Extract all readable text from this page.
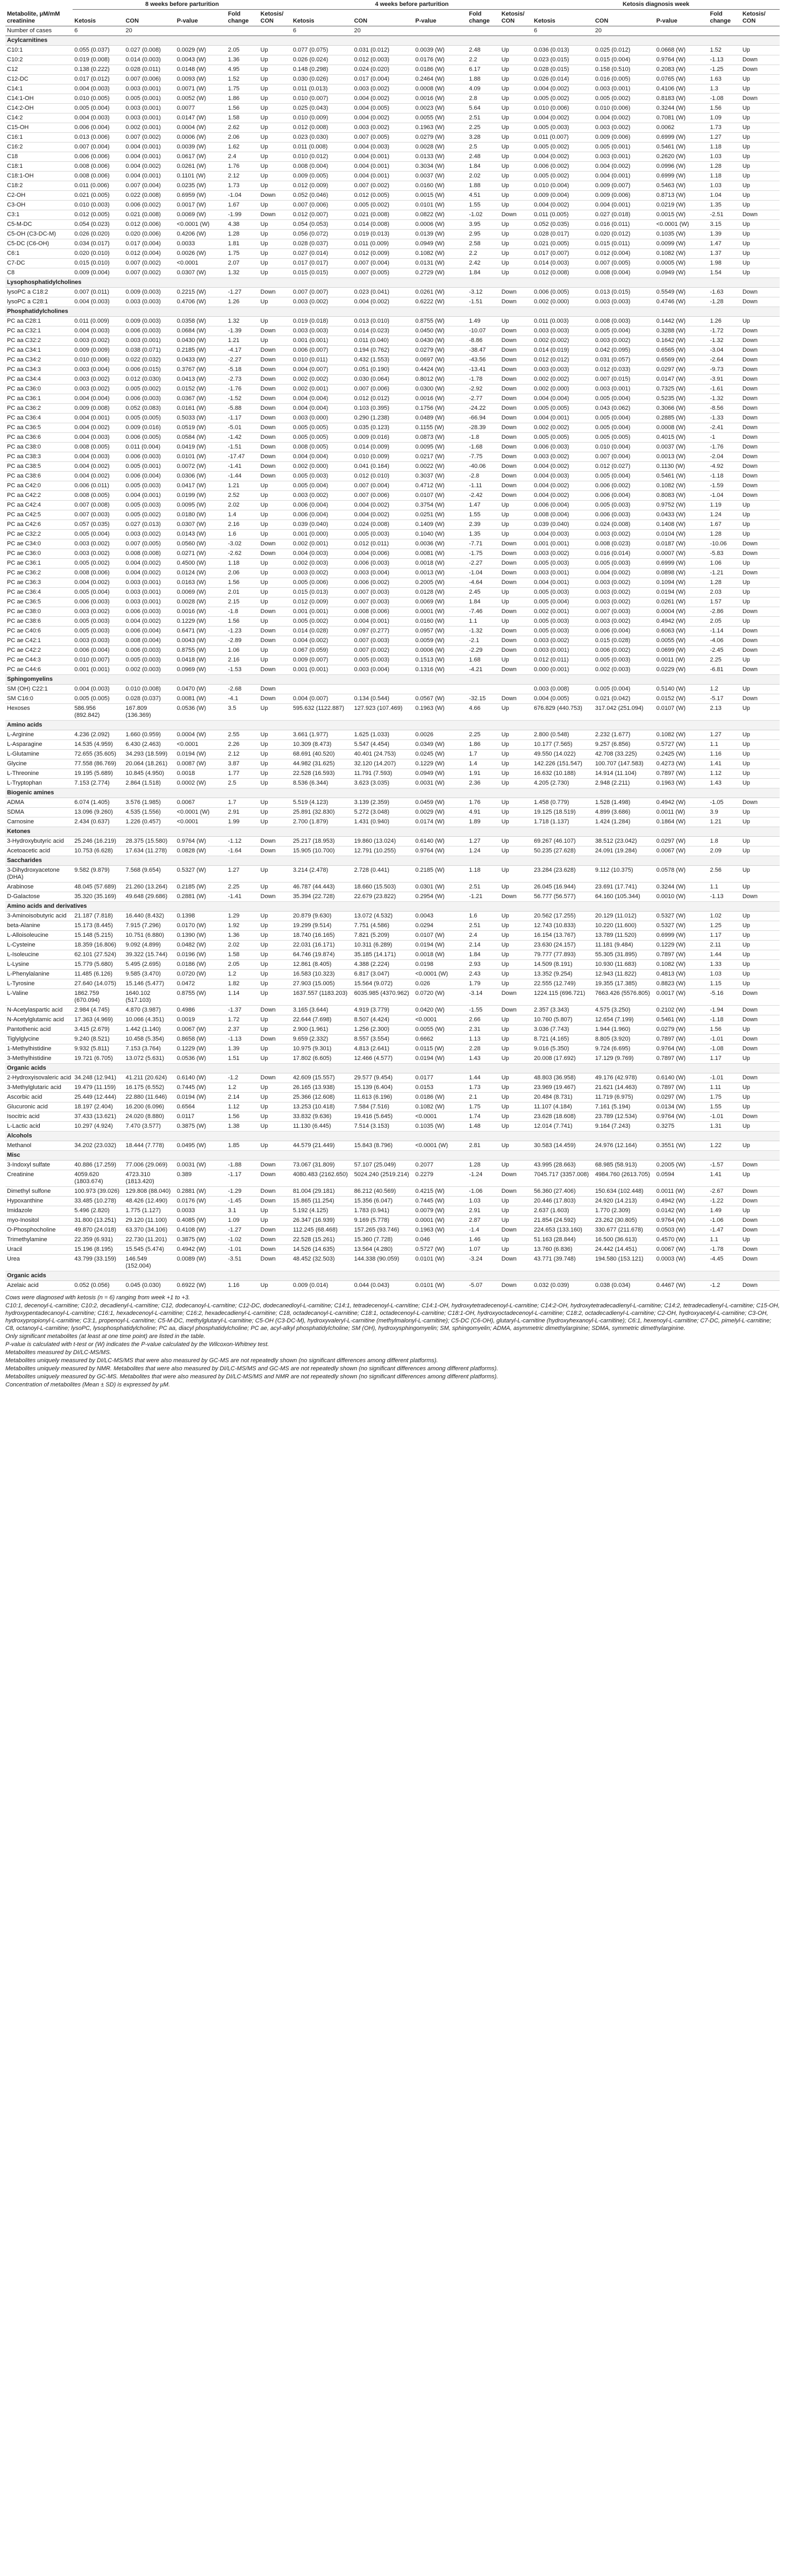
Metabolite, μM/mM creatinine	8 weeks before parturition					4 weeks before parturition					Ketosis diagnosis week				
	Ketosis	CON	P-value	Fold change	Ketosis/ CON	Ketosis	CON	P-value	Fold change	Ketosis/ CON	Ketosis	CON	P-value	Fold change	Ketosis/ CON
Number of cases	6	20				6	20				6	20			
Acylcarnitines															
C10:1	0.055 (0.037)	0.027 (0.008)	0.0029 (W)	2.05	Up	0.077 (0.075)	0.031 (0.012)	0.0039 (W)	2.48	Up	0.036 (0.013)	0.025 (0.012)	0.0668 (W)	1.52	Up
C10:2	0.019 (0.008)	0.014 (0.003)	0.0043 (W)	1.36	Up	0.026 (0.024)	0.012 (0.003)	0.0176 (W)	2.2	Up	0.023 (0.015)	0.015 (0.004)	0.9764 (W)	-1.13	Down
C12	0.138 (0.222)	0.028 (0.011)	0.0148 (W)	4.95	Up	0.148 (0.298)	0.024 (0.020)	0.0186 (W)	6.17	Up	0.028 (0.015)	0.158 (0.510)	0.2083 (W)	-1.25	Down
C12-DC	0.017 (0.012)	0.007 (0.006)	0.0093 (W)	1.52	Up	0.030 (0.026)	0.017 (0.004)	0.2464 (W)	1.88	Up	0.026 (0.014)	0.016 (0.005)	0.0765 (W)	1.63	Up
C14:1	0.004 (0.003)	0.003 (0.001)	0.0071 (W)	1.75	Up	0.011 (0.013)	0.003 (0.002)	0.0008 (W)	4.09	Up	0.004 (0.002)	0.003 (0.001)	0.4106 (W)	1.3	Up
C14:1-OH	0.010 (0.005)	0.005 (0.001)	0.0052 (W)	1.86	Up	0.010 (0.007)	0.004 (0.002)	0.0016 (W)	2.8	Up	0.005 (0.002)	0.005 (0.002)	0.8183 (W)	-1.08	Down
C14:2-OH	0.005 (0.004)	0.003 (0.001)	0.0077	1.56	Up	0.025 (0.043)	0.004 (0.005)	0.0023 (W)	5.64	Up	0.010 (0.006)	0.010 (0.006)	0.3244 (W)	1.56	Up
C14:2	0.004 (0.003)	0.003 (0.001)	0.0147 (W)	1.58	Up	0.010 (0.009)	0.004 (0.002)	0.0055 (W)	2.51	Up	0.004 (0.002)	0.004 (0.002)	0.7081 (W)	1.09	Up
C15-OH	0.006 (0.004)	0.002 (0.001)	0.0004 (W)	2.62	Up	0.012 (0.008)	0.003 (0.002)	0.1963 (W)	2.25	Up	0.005 (0.003)	0.003 (0.002)	0.0062	1.73	Up
C16:1	0.013 (0.006)	0.007 (0.002)	0.0006 (W)	2.06	Up	0.023 (0.030)	0.007 (0.005)	0.0279 (W)	3.28	Up	0.011 (0.007)	0.009 (0.006)	0.6999 (W)	1.27	Up
C16:2	0.007 (0.004)	0.004 (0.001)	0.0039 (W)	1.62	Up	0.011 (0.008)	0.004 (0.003)	0.0028 (W)	2.5	Up	0.005 (0.002)	0.005 (0.001)	0.5461 (W)	1.18	Up
C18	0.006 (0.006)	0.004 (0.001)	0.0617 (W)	2.4	Up	0.010 (0.012)	0.004 (0.001)	0.0133 (W)	2.48	Up	0.004 (0.002)	0.003 (0.001)	0.2620 (W)	1.03	Up
C18:1	0.008 (0.006)	0.004 (0.002)	0.0261 (W)	1.76	Up	0.008 (0.004)	0.004 (0.001)	0.3034 (W)	1.84	Up	0.006 (0.002)	0.004 (0.002)	0.0996 (W)	1.28	Up
C18:1-OH	0.008 (0.006)	0.004 (0.001)	0.1101 (W)	2.12	Up	0.009 (0.005)	0.004 (0.001)	0.0037 (W)	2.02	Up	0.005 (0.002)	0.004 (0.001)	0.6999 (W)	1.18	Up
C18:2	0.011 (0.006)	0.007 (0.004)	0.0235 (W)	1.73	Up	0.012 (0.009)	0.007 (0.002)	0.0160 (W)	1.88	Up	0.010 (0.004)	0.009 (0.007)	0.5463 (W)	1.03	Up
C2-OH	0.021 (0.005)	0.022 (0.008)	0.6959 (W)	-1.04	Down	0.052 (0.046)	0.012 (0.005)	0.0015 (W)	4.51	Up	0.009 (0.004)	0.009 (0.006)	0.8713 (W)	1.04	Up
C3-OH	0.010 (0.003)	0.006 (0.002)	0.0017 (W)	1.67	Up	0.007 (0.006)	0.005 (0.002)	0.0101 (W)	1.55	Up	0.004 (0.002)	0.004 (0.001)	0.0219 (W)	1.35	Up
C3:1	0.012 (0.005)	0.021 (0.008)	0.0069 (W)	-1.99	Down	0.012 (0.007)	0.021 (0.008)	0.0822 (W)	-1.02	Down	0.011 (0.005)	0.027 (0.018)	0.0015 (W)	-2.51	Down
C5-M-DC	0.054 (0.023)	0.012 (0.006)	<0.0001 (W)	4.38	Up	0.054 (0.053)	0.014 (0.008)	0.0006 (W)	3.95	Up	0.052 (0.035)	0.016 (0.011)	<0.0001 (W)	3.15	Up
C5-OH (C3-DC-M)	0.026 (0.020)	0.020 (0.006)	0.4206 (W)	1.28	Up	0.056 (0.072)	0.019 (0.013)	0.0139 (W)	2.95	Up	0.028 (0.017)	0.020 (0.012)	0.1035 (W)	1.39	Up
C5-DC (C6-OH)	0.034 (0.017)	0.017 (0.004)	0.0033	1.81	Up	0.028 (0.037)	0.011 (0.009)	0.0949 (W)	2.58	Up	0.021 (0.005)	0.015 (0.011)	0.0099 (W)	1.47	Up
C6:1	0.020 (0.010)	0.012 (0.004)	0.0026 (W)	1.75	Up	0.027 (0.014)	0.012 (0.009)	0.1082 (W)	2.2	Up	0.017 (0.007)	0.012 (0.004)	0.1082 (W)	1.37	Up
C7-DC	0.015 (0.010)	0.007 (0.002)	<0.0001	2.07	Up	0.017 (0.017)	0.007 (0.004)	0.0131 (W)	2.42	Up	0.014 (0.003)	0.007 (0.005)	0.0005 (W)	1.98	Up
C8	0.009 (0.004)	0.007 (0.002)	0.0307 (W)	1.32	Up	0.015 (0.015)	0.007 (0.005)	0.2729 (W)	1.84	Up	0.012 (0.008)	0.008 (0.004)	0.0949 (W)	1.54	Up
Lysophosphatidylcholines															
lysoPC a C18:2	0.007 (0.011)	0.009 (0.003)	0.2215 (W)	-1.27	Down	0.007 (0.007)	0.023 (0.041)	0.0261 (W)	-3.12	Down	0.006 (0.005)	0.013 (0.015)	0.5549 (W)	-1.63	Down
lysoPC a C28:1	0.004 (0.003)	0.003 (0.003)	0.4706 (W)	1.26	Up	0.003 (0.002)	0.004 (0.002)	0.6222 (W)	-1.51	Down	0.002 (0.000)	0.003 (0.003)	0.4746 (W)	-1.28	Down
Phosphatidylcholines															
PC aa C28:1	0.011 (0.009)	0.009 (0.003)	0.0358 (W)	1.32	Up	0.019 (0.018)	0.013 (0.010)	0.8755 (W)	1.49	Up	0.011 (0.003)	0.008 (0.003)	0.1442 (W)	1.26	Up
PC aa C32:1	0.004 (0.003)	0.006 (0.003)	0.0684 (W)	-1.39	Down	0.003 (0.003)	0.014 (0.023)	0.0450 (W)	-10.07	Down	0.003 (0.003)	0.005 (0.004)	0.3288 (W)	-1.72	Down
PC aa C32:2	0.003 (0.002)	0.003 (0.001)	0.0430 (W)	1.21	Up	0.001 (0.001)	0.011 (0.040)	0.0430 (W)	-8.86	Down	0.002 (0.002)	0.003 (0.002)	0.1642 (W)	-1.32	Down
PC aa C34:1	0.009 (0.009)	0.038 (0.071)	0.2185 (W)	-4.17	Down	0.006 (0.007)	0.194 (0.762)	0.0279 (W)	-38.47	Down	0.014 (0.019)	0.042 (0.095)	0.6565 (W)	-3.04	Down
PC aa C34:2	0.010 (0.006)	0.022 (0.032)	0.0433 (W)	-2.27	Down	0.010 (0.011)	0.432 (1.553)	0.0697 (W)	-43.56	Down	0.012 (0.012)	0.031 (0.057)	0.6569 (W)	-2.64	Down
PC aa C34:3	0.003 (0.004)	0.006 (0.015)	0.3767 (W)	-5.18	Down	0.004 (0.007)	0.051 (0.190)	0.4424 (W)	-13.41	Down	0.003 (0.003)	0.012 (0.033)	0.0297 (W)	-9.73	Down
PC aa C34:4	0.003 (0.002)	0.012 (0.030)	0.0413 (W)	-2.73	Down	0.002 (0.002)	0.030 (0.064)	0.8012 (W)	-1.78	Down	0.002 (0.002)	0.007 (0.015)	0.0147 (W)	-3.91	Down
PC aa C36:0	0.003 (0.002)	0.005 (0.002)	0.0152 (W)	-1.76	Down	0.002 (0.001)	0.007 (0.006)	0.0300 (W)	-2.92	Down	0.002 (0.000)	0.003 (0.001)	0.7325 (W)	-1.61	Down
PC aa C36:1	0.004 (0.004)	0.006 (0.003)	0.0367 (W)	-1.52	Down	0.004 (0.004)	0.012 (0.012)	0.0016 (W)	-2.77	Down	0.004 (0.004)	0.005 (0.004)	0.5235 (W)	-1.32	Down
PC aa C36:2	0.009 (0.008)	0.052 (0.083)	0.0161 (W)	-5.88	Down	0.004 (0.004)	0.103 (0.395)	0.1756 (W)	-24.22	Down	0.005 (0.005)	0.043 (0.062)	0.3066 (W)	-8.56	Down
PC aa C36:4	0.004 (0.001)	0.005 (0.005)	0.5033 (W)	-1.17	Down	0.003 (0.000)	0.290 (1.238)	0.0489 (W)	-66.94	Down	0.004 (0.001)	0.005 (0.004)	0.2885 (W)	-1.33	Down
PC aa C36:5	0.004 (0.002)	0.009 (0.016)	0.0519 (W)	-5.01	Down	0.005 (0.005)	0.035 (0.123)	0.1155 (W)	-28.39	Down	0.002 (0.002)	0.005 (0.004)	0.0008 (W)	-2.41	Down
PC aa C36:6	0.004 (0.003)	0.006 (0.005)	0.0584 (W)	-1.42	Down	0.005 (0.005)	0.009 (0.016)	0.0873 (W)	-1.8	Down	0.005 (0.005)	0.005 (0.005)	0.4015 (W)	-1	Down
PC aa C38:0	0.008 (0.005)	0.011 (0.004)	0.0419 (W)	-1.51	Down	0.008 (0.005)	0.014 (0.009)	0.0095 (W)	-1.68	Down	0.006 (0.003)	0.010 (0.004)	0.0037 (W)	-1.76	Down
PC aa C38:3	0.004 (0.003)	0.006 (0.003)	0.0101 (W)	-17.47	Down	0.004 (0.004)	0.010 (0.009)	0.0217 (W)	-7.75	Down	0.003 (0.002)	0.007 (0.004)	0.0013 (W)	-2.04	Down
PC aa C38:5	0.004 (0.002)	0.005 (0.001)	0.0072 (W)	-1.41	Down	0.002 (0.000)	0.041 (0.164)	0.0022 (W)	-40.06	Down	0.004 (0.002)	0.012 (0.027)	0.1130 (W)	-4.92	Down
PC aa C38:6	0.004 (0.002)	0.006 (0.004)	0.0306 (W)	-1.44	Down	0.005 (0.003)	0.012 (0.010)	0.3037 (W)	-2.8	Down	0.004 (0.003)	0.005 (0.004)	0.5461 (W)	-1.18	Down
PC aa C42:0	0.006 (0.011)	0.005 (0.003)	0.0417 (W)	1.21	Up	0.005 (0.004)	0.007 (0.004)	0.4712 (W)	-1.11	Down	0.004 (0.002)	0.006 (0.002)	0.1082 (W)	-1.59	Down
PC aa C42:2	0.008 (0.005)	0.004 (0.001)	0.0199 (W)	2.52	Up	0.003 (0.002)	0.007 (0.006)	0.0107 (W)	-2.42	Down	0.004 (0.002)	0.006 (0.004)	0.8083 (W)	-1.04	Down
PC aa C42:4	0.007 (0.008)	0.005 (0.003)	0.0095 (W)	2.02	Up	0.006 (0.004)	0.004 (0.002)	0.3754 (W)	1.47	Up	0.006 (0.004)	0.005 (0.003)	0.9752 (W)	1.19	Up
PC aa C42:5	0.007 (0.003)	0.005 (0.002)	0.0180 (W)	1.4	Up	0.006 (0.004)	0.004 (0.002)	0.0251 (W)	1.55	Up	0.008 (0.004)	0.006 (0.003)	0.0433 (W)	1.24	Up
PC aa C42:6	0.057 (0.035)	0.027 (0.013)	0.0307 (W)	2.16	Up	0.039 (0.040)	0.024 (0.008)	0.1409 (W)	2.39	Up	0.039 (0.040)	0.024 (0.008)	0.1408 (W)	1.67	Up
PC ae C32:2	0.005 (0.004)	0.003 (0.002)	0.0143 (W)	1.6	Up	0.001 (0.000)	0.005 (0.003)	0.1040 (W)	1.35	Up	0.004 (0.003)	0.003 (0.002)	0.0104 (W)	1.28	Up
PC ae C34:0	0.003 (0.002)	0.007 (0.005)	0.0560 (W)	-3.02	Down	0.002 (0.001)	0.012 (0.011)	0.0036 (W)	-7.71	Down	0.001 (0.001)	0.008 (0.023)	0.0187 (W)	-10.06	Down
PC ae C36:0	0.003 (0.002)	0.008 (0.008)	0.0271 (W)	-2.62	Down	0.004 (0.003)	0.004 (0.006)	0.0081 (W)	-1.75	Down	0.003 (0.002)	0.016 (0.014)	0.0007 (W)	-5.83	Down
PC ae C36:1	0.005 (0.002)	0.004 (0.002)	0.4500 (W)	1.18	Up	0.002 (0.003)	0.006 (0.003)	0.0018 (W)	-2.27	Down	0.005 (0.003)	0.005 (0.003)	0.6999 (W)	1.06	Up
PC ae C36:2	0.008 (0.006)	0.004 (0.002)	0.0124 (W)	2.06	Up	0.003 (0.002)	0.003 (0.004)	0.0013 (W)	-1.04	Down	0.003 (0.001)	0.004 (0.002)	0.0898 (W)	-1.21	Down
PC ae C36:3	0.004 (0.002)	0.003 (0.001)	0.0163 (W)	1.56	Up	0.005 (0.006)	0.006 (0.002)	0.2005 (W)	-4.64	Down	0.004 (0.001)	0.003 (0.002)	0.1094 (W)	1.28	Up
PC ae C36:4	0.005 (0.004)	0.003 (0.001)	0.0069 (W)	2.01	Up	0.015 (0.013)	0.007 (0.003)	0.0128 (W)	2.45	Up	0.005 (0.003)	0.003 (0.002)	0.0194 (W)	2.03	Up
PC ae C36:5	0.006 (0.003)	0.003 (0.001)	0.0028 (W)	2.15	Up	0.012 (0.009)	0.007 (0.003)	0.0069 (W)	1.84	Up	0.005 (0.004)	0.003 (0.002)	0.0261 (W)	1.57	Up
PC ae C38:0	0.003 (0.002)	0.006 (0.003)	0.0016 (W)	-1.8	Down	0.001 (0.001)	0.008 (0.006)	0.0001 (W)	-7.46	Down	0.002 (0.001)	0.007 (0.003)	0.0004 (W)	-2.86	Down
PC ae C38:6	0.005 (0.003)	0.004 (0.002)	0.1229 (W)	1.56	Up	0.005 (0.002)	0.004 (0.001)	0.0160 (W)	1.1	Up	0.005 (0.003)	0.003 (0.002)	0.4942 (W)	2.05	Up
PC ae C40:6	0.005 (0.003)	0.006 (0.004)	0.6471 (W)	-1.23	Down	0.014 (0.028)	0.097 (0.277)	0.0957 (W)	-1.32	Down	0.005 (0.003)	0.006 (0.004)	0.6063 (W)	-1.14	Down
PC ae C42:1	0.003 (0.003)	0.008 (0.004)	0.0043 (W)	-2.89	Down	0.004 (0.002)	0.007 (0.003)	0.0059 (W)	-2.1	Down	0.003 (0.002)	0.015 (0.028)	0.0055 (W)	-4.06	Down
PC ae C42:2	0.006 (0.004)	0.006 (0.003)	0.8755 (W)	1.06	Up	0.067 (0.059)	0.007 (0.002)	0.0006 (W)	-2.29	Down	0.003 (0.001)	0.006 (0.002)	0.0699 (W)	-2.45	Down
PC ae C44:3	0.010 (0.007)	0.005 (0.003)	0.0418 (W)	2.16	Up	0.009 (0.007)	0.005 (0.003)	0.1513 (W)	1.68	Up	0.012 (0.011)	0.005 (0.003)	0.0011 (W)	2.25	Up
PC ae C44:6	0.001 (0.001)	0.002 (0.003)	0.0969 (W)	-1.53	Down	0.001 (0.001)	0.003 (0.004)	0.1316 (W)	-4.21	Down	0.000 (0.001)	0.002 (0.003)	0.0229 (W)	-6.81	Down
Sphingomyelins															
SM (OH) C22:1	0.004 (0.003)	0.010 (0.008)	0.0470 (W)	-2.68	Down						0.003 (0.008)	0.005 (0.004)	0.5140 (W)	1.2	Up
SM C16:0	0.005 (0.005)	0.028 (0.037)	0.0081 (W)	-4.1	Down	0.004 (0.007)	0.134 (0.544)	0.0567 (W)	-32.15	Down	0.004 (0.005)	0.021 (0.042)	0.0152 (W)	-5.17	Down
Hexoses	586.956 (892.842)	167.809 (136.369)	0.0536 (W)	3.5	Up	595.632 (1122.887)	127.923 (107.469)	0.1963 (W)	4.66	Up	676.829 (440.753)	317.042 (251.094)	0.0107 (W)	2.13	Up
Amino acids															
L-Arginine	4.236 (2.092)	1.660 (0.959)	0.0004 (W)	2.55	Up	3.661 (1.977)	1.625 (1.033)	0.0026	2.25	Up	2.800 (0.548)	2.232 (1.677)	0.1082 (W)	1.27	Up
L-Asparagine	14.535 (4.959)	6.430 (2.463)	<0.0001	2.26	Up	10.309 (8.473)	5.547 (4.454)	0.0349 (W)	1.86	Up	10.177 (7.565)	9.257 (6.856)	0.5727 (W)	1.1	Up
L-Glutamine	72.655 (35.605)	34.293 (18.599)	0.0194 (W)	2.12	Up	68.691 (40.520)	40.401 (24.753)	0.0245 (W)	1.7	Up	49.550 (14.022)	42.708 (33.225)	0.2425 (W)	1.16	Up
Glycine	77.558 (86.769)	20.064 (18.261)	0.0087 (W)	3.87	Up	44.982 (31.625)	32.120 (14.207)	0.1229 (W)	1.4	Up	142.226 (151.547)	100.707 (147.583)	0.4273 (W)	1.41	Up
L-Threonine	19.195 (5.689)	10.845 (4.950)	0.0018	1.77	Up	22.528 (16.593)	11.791 (7.593)	0.0949 (W)	1.91	Up	16.632 (10.188)	14.914 (11.104)	0.7897 (W)	1.12	Up
L-Tryptophan	7.153 (2.774)	2.864 (1.518)	0.0002 (W)	2.5	Up	8.536 (6.344)	3.623 (3.035)	0.0031 (W)	2.36	Up	4.205 (2.730)	2.948 (2.211)	0.1963 (W)	1.43	Up
Biogenic amines															
ADMA	6.074 (1.405)	3.576 (1.985)	0.0067	1.7	Up	5.519 (4.123)	3.139 (2.359)	0.0459 (W)	1.76	Up	1.458 (0.779)	1.528 (1.498)	0.4942 (W)	-1.05	Down
SDMA	13.096 (9.260)	4.535 (1.556)	<0.0001 (W)	2.91	Up	25.891 (32.830)	5.272 (3.048)	0.0029 (W)	4.91	Up	19.125 (18.519)	4.899 (3.686)	0.0011 (W)	3.9	Up
Carnosine	2.434 (0.637)	1.226 (0.457)	<0.0001	1.99	Up	2.700 (1.879)	1.431 (0.940)	0.0174 (W)	1.89	Up	1.718 (1.137)	1.424 (1.284)	0.1864 (W)	1.21	Up
Ketones															
3-Hydroxybutyric acid	25.246 (16.219)	28.375 (15.580)	0.9764 (W)	-1.12	Down	25.217 (18.953)	19.860 (13.024)	0.6140 (W)	1.27	Up	69.267 (46.107)	38.512 (23.042)	0.0297 (W)	1.8	Up
Acetoacetic acid	10.753 (6.628)	17.634 (11.278)	0.0828 (W)	-1.64	Down	15.905 (10.700)	12.791 (10.255)	0.9764 (W)	1.24	Up	50.235 (27.628)	24.091 (19.284)	0.0067 (W)	2.09	Up
Saccharides															
3-Dihydroxyacetone (DHA)	9.582 (9.879)	7.568 (9.654)	0.5327 (W)	1.27	Up	3.214 (2.478)	2.728 (0.441)	0.2185 (W)	1.18	Up	23.284 (23.628)	9.112 (10.375)	0.0578 (W)	2.56	Up
Arabinose	48.045 (57.689)	21.260 (13.264)	0.2185 (W)	2.25	Up	46.787 (44.443)	18.660 (15.503)	0.0301 (W)	2.51	Up	26.045 (16.944)	23.691 (17.741)	0.3244 (W)	1.1	Up
D-Galactose	35.320 (35.169)	49.648 (29.686)	0.2881 (W)	-1.41	Down	35.394 (22.728)	22.679 (23.822)	0.2954 (W)	-1.21	Down	56.777 (56.577)	64.160 (105.344)	0.0010 (W)	-1.13	Down
Amino acids and derivatives															
3-Aminoisobutyric acid	21.187 (7.818)	16.440 (8.432)	0.1398	1.29	Up	20.879 (9.630)	13.072 (4.532)	0.0043	1.6	Up	20.562 (17.255)	20.129 (11.012)	0.5327 (W)	1.02	Up
beta-Alanine	15.173 (8.445)	7.915 (7.296)	0.0170 (W)	1.92	Up	19.299 (9.514)	7.751 (4.586)	0.0294	2.51	Up	12.743 (10.833)	10.220 (11.600)	0.5327 (W)	1.25	Up
L-Alloisoleucine	15.148 (5.215)	10.751 (6.880)	0.1390 (W)	1.36	Up	18.740 (16.165)	7.821 (5.209)	0.0107 (W)	2.4	Up	16.154 (13.767)	13.789 (11.520)	0.6999 (W)	1.17	Up
L-Cysteine	18.359 (16.806)	9.092 (4.899)	0.0482 (W)	2.02	Up	22.031 (16.171)	10.311 (6.289)	0.0194 (W)	2.14	Up	23.630 (24.157)	11.181 (9.484)	0.1229 (W)	2.11	Up
L-Isoleucine	62.101 (27.524)	39.322 (15.744)	0.0196 (W)	1.58	Up	64.746 (19.874)	35.185 (14.171)	0.0018 (W)	1.84	Up	79.777 (77.893)	55.305 (31.895)	0.7897 (W)	1.44	Up
L-Lysine	15.779 (5.680)	5.495 (2.695)	0.0186 (W)	2.05	Up	12.861 (8.405)	4.388 (2.224)	0.0198	2.93	Up	14.509 (8.191)	10.930 (11.683)	0.1082 (W)	1.33	Up
L-Phenylalanine	11.485 (6.126)	9.585 (3.470)	0.0720 (W)	1.2	Up	16.583 (10.323)	6.817 (3.047)	<0.0001 (W)	2.43	Up	13.352 (9.254)	12.943 (11.822)	0.4813 (W)	1.03	Up
L-Tyrosine	27.640 (14.075)	15.146 (5.477)	0.0472	1.82	Up	27.903 (15.005)	15.564 (9.072)	0.026	1.79	Up	22.555 (12.749)	19.355 (17.385)	0.8823 (W)	1.15	Up
L-Valine	1862.759 (670.094)	1640.102 (517.103)	0.8755 (W)	1.14	Up	1637.557 (1183.203)	6035.985 (4370.962)	0.0720 (W)	-3.14	Down	1224.115 (696.721)	7663.426 (5576.805)	0.0017 (W)	-5.16	Down
N-Acetylaspartic acid	2.984 (4.745)	4.870 (3.987)	0.4986	-1.37	Down	3.165 (3.644)	4.919 (3.779)	0.0420 (W)	-1.55	Down	2.357 (3.343)	4.575 (3.250)	0.2102 (W)	-1.94	Down
N-Acetylglutamic acid	17.363 (4.969)	10.066 (4.351)	0.0019	1.72	Up	22.644 (7.698)	8.507 (4.424)	<0.0001	2.66	Up	10.760 (5.807)	12.654 (7.199)	0.5461 (W)	-1.18	Down
Pantothenic acid	3.415 (2.679)	1.442 (1.140)	0.0067 (W)	2.37	Up	2.900 (1.961)	1.256 (2.300)	0.0055 (W)	2.31	Up	3.036 (7.743)	1.944 (1.960)	0.0279 (W)	1.56	Up
Tiglylglycine	9.240 (8.521)	10.458 (5.354)	0.8658 (W)	-1.13	Down	9.659 (2.332)	8.557 (3.554)	0.6662	1.13	Up	8.721 (4.165)	8.805 (3.920)	0.7897 (W)	-1.01	Down
1-Methylhistidine	9.932 (5.811)	7.153 (3.764)	0.1229 (W)	1.39	Up	10.975 (9.301)	4.813 (2.641)	0.0115 (W)	2.28	Up	9.016 (5.350)	9.724 (6.695)	0.9764 (W)	-1.08	Down
3-Methylhistidine	19.721 (6.705)	13.072 (5.631)	0.0536 (W)	1.51	Up	17.802 (6.605)	12.466 (4.577)	0.0194 (W)	1.43	Up	20.008 (17.692)	17.129 (9.769)	0.7897 (W)	1.17	Up
Organic acids															
2-Hydroxyisovaleric acid	34.248 (12.941)	41.211 (20.624)	0.6140 (W)	-1.2	Down	42.609 (15.557)	29.577 (9.454)	0.0177	1.44	Up	48.803 (36.958)	49.176 (42.978)	0.6140 (W)	-1.01	Down
3-Methylglutaric acid	19.479 (11.159)	16.175 (6.552)	0.7445 (W)	1.2	Up	26.165 (13.938)	15.139 (6.404)	0.0153	1.73	Up	23.969 (19.467)	21.621 (14.463)	0.7897 (W)	1.11	Up
Ascorbic acid	25.449 (12.444)	22.880 (11.646)	0.0194 (W)	2.14	Up	25.366 (12.608)	11.613 (6.196)	0.0186 (W)	2.1	Up	20.484 (8.731)	11.719 (6.975)	0.0297 (W)	1.75	Up
Glucuronic acid	18.197 (2.404)	16.200 (6.096)	0.6564	1.12	Up	13.253 (10.418)	7.584 (7.516)	0.1082 (W)	1.75	Up	11.107 (4.184)	7.161 (5.194)	0.0134 (W)	1.55	Up
Isocitric acid	37.433 (13.621)	24.020 (8.880)	0.0117	1.56	Up	33.832 (9.636)	19.416 (5.645)	<0.0001	1.74	Up	23.628 (18.608)	23.789 (12.534)	0.9764 (W)	-1.01	Down
L-Lactic acid	10.297 (4.924)	7.470 (3.577)	0.3875 (W)	1.38	Up	11.130 (6.445)	7.514 (3.153)	0.1035 (W)	1.48	Up	12.014 (7.741)	9.164 (7.243)	0.3275	1.31	Up
Alcohols															
Methanol	34.202 (23.032)	18.444 (7.778)	0.0495 (W)	1.85	Up	44.579 (21.449)	15.843 (8.796)	<0.0001 (W)	2.81	Up	30.583 (14.459)	24.976 (12.164)	0.3551 (W)	1.22	Up
Misc															
3-Indoxyl sulfate	40.886 (17.259)	77.006 (29.069)	0.0031 (W)	-1.88	Down	73.067 (31.809)	57.107 (25.049)	0.2077	1.28	Up	43.995 (28.663)	68.985 (58.913)	0.2005 (W)	-1.57	Down
Creatinine	4059.620 (1803.674)	4723.310 (1813.420)	0.389	-1.17	Down	4080.483 (2162.650)	5024.240 (2519.214)	0.2279	-1.24	Down	7045.717 (3357.008)	4984.760 (2613.705)	0.0594	1.41	Up
Dimethyl sulfone	100.973 (39.026)	129.808 (88.040)	0.2881 (W)	-1.29	Down	81.004 (29.181)	86.212 (40.569)	0.4215 (W)	-1.06	Down	56.360 (27.406)	150.634 (102.448)	0.0011 (W)	-2.67	Down
Hypoxanthine	33.485 (10.278)	48.426 (12.490)	0.0176 (W)	-1.45	Down	15.865 (11.254)	15.356 (6.047)	0.7445 (W)	1.03	Up	20.446 (17.803)	24.920 (14.213)	0.4942 (W)	-1.22	Down
Imidazole	5.496 (2.820)	1.775 (1.127)	0.0033	3.1	Up	5.192 (4.125)	1.783 (0.941)	0.0079 (W)	2.91	Up	2.637 (1.603)	1.770 (2.309)	0.0142 (W)	1.49	Up
myo-Inositol	31.800 (13.251)	29.120 (11.100)	0.4085 (W)	1.09	Up	26.347 (16.939)	9.169 (5.778)	0.0001 (W)	2.87	Up	21.854 (24.592)	23.262 (30.805)	0.9764 (W)	-1.06	Down
O-Phosphocholine	49.870 (24.018)	63.370 (34.106)	0.4108 (W)	-1.27	Down	112.245 (68.468)	157.265 (93.746)	0.1963 (W)	-1.4	Down	224.653 (133.160)	330.677 (211.678)	0.0503 (W)	-1.47	Down
Trimethylamine	22.359 (6.931)	22.730 (11.201)	0.3875 (W)	-1.02	Down	22.528 (15.261)	15.360 (7.728)	0.046	1.46	Up	51.163 (28.844)	16.500 (36.613)	0.4570 (W)	1.1	Up
Uracil	15.196 (8.195)	15.545 (5.474)	0.4942 (W)	-1.01	Down	14.526 (14.635)	13.564 (4.280)	0.5727 (W)	1.07	Up	13.760 (6.836)	24.442 (14.451)	0.0067 (W)	-1.78	Down
Urea	43.799 (33.159)	146.549 (152.004)	0.0089 (W)	-3.51	Down	48.452 (32.503)	144.338 (90.059)	0.0101 (W)	-3.24	Down	43.771 (39.748)	194.580 (153.121)	0.0003 (W)	-4.45	Down
Organic acids															
Azelaic acid	0.052 (0.056)	0.045 (0.030)	0.6922 (W)	1.16	Up	0.009 (0.014)	0.044 (0.043)	0.0101 (W)	-5.07	Down	0.032 (0.039)	0.038 (0.034)	0.4467 (W)	-1.2	Down

Cows were diagnosed with ketosis (n = 6) ranging from week +1 to +3.

C10:1, decenoyl-L-carnitine; C10:2, decadienyl-L-carnitine; C12, dodecanoyl-L-carnitine; C12-DC, dodecanedioyl-L-carnitine; C14:1, tetradecenoyl-L-carnitine; C14:1-OH, hydroxytetradecenoyl-L-carnitine; C14:2-OH, hydroxytetradecadienyl-L-carnitine; C14:2, tetradecadienyl-L-carnitine; C15-OH, hydroxypentadecanoyl-L-carnitine; C16:1, hexadecenoyl-L-carnitine; C16:2, hexadecadienyl-L-carnitine; C18, octadecanoyl-L-carnitine; C18:1, octadecenoyl-L-carnitine; C18:1-OH, hydroxyoctadecenoyl-L-carnitine; C18:2, octadecadienyl-L-carnitine; C2-OH, hydroxyacetyl-L-carnitine; C3-OH, hydroxypropionyl-L-carnitine; C3:1, propenoyl-L-carnitine; C5-M-DC, methylglutaryl-L-carnitine; C5-OH (C3-DC-M), hydroxyvaleryl-L-carnitine (methylmalonyl-L-carnitine); C5-DC (C6-OH), glutaryl-L-carnitine (hydroxyhexanoyl-L-carnitine); C6:1, hexenoyl-L-carnitine; C7-DC, pimelyl-L-carnitine; C8, octanoyl-L-carnitine; lysoPC, lysophosphatidylcholine; PC aa, diacyl phosphatidylcholine; PC ae, acyl-alkyl phosphatidylcholine; SM (OH), hydroxysphingomyelin; SM, sphingomyelin; ADMA, asymmetric dimethylarginine; SDMA, symmetric dimethylarginine.

Only significant metabolites (at least at one time point) are listed in the table.

P-value is calculated with t-test or (W) indicates the P-value calculated by the Wilcoxon-Whitney test.

Metabolites measured by DI/LC-MS/MS.

Metabolites uniquely measured by DI/LC-MS/MS that were also measured by GC-MS are not repeatedly shown (no significant differences among different platforms).

Metabolites uniquely measured by NMR. Metabolites that were also measured by DI/LC-MS/MS and GC-MS are not repeatedly shown (no significant differences among different platforms).

Metabolites uniquely measured by GC-MS. Metabolites that were also measured by DI/LC-MS/MS and NMR are not repeatedly shown (no significant differences among different platforms).

Concentration of metabolites (Mean ± SD) is expressed by μM.
